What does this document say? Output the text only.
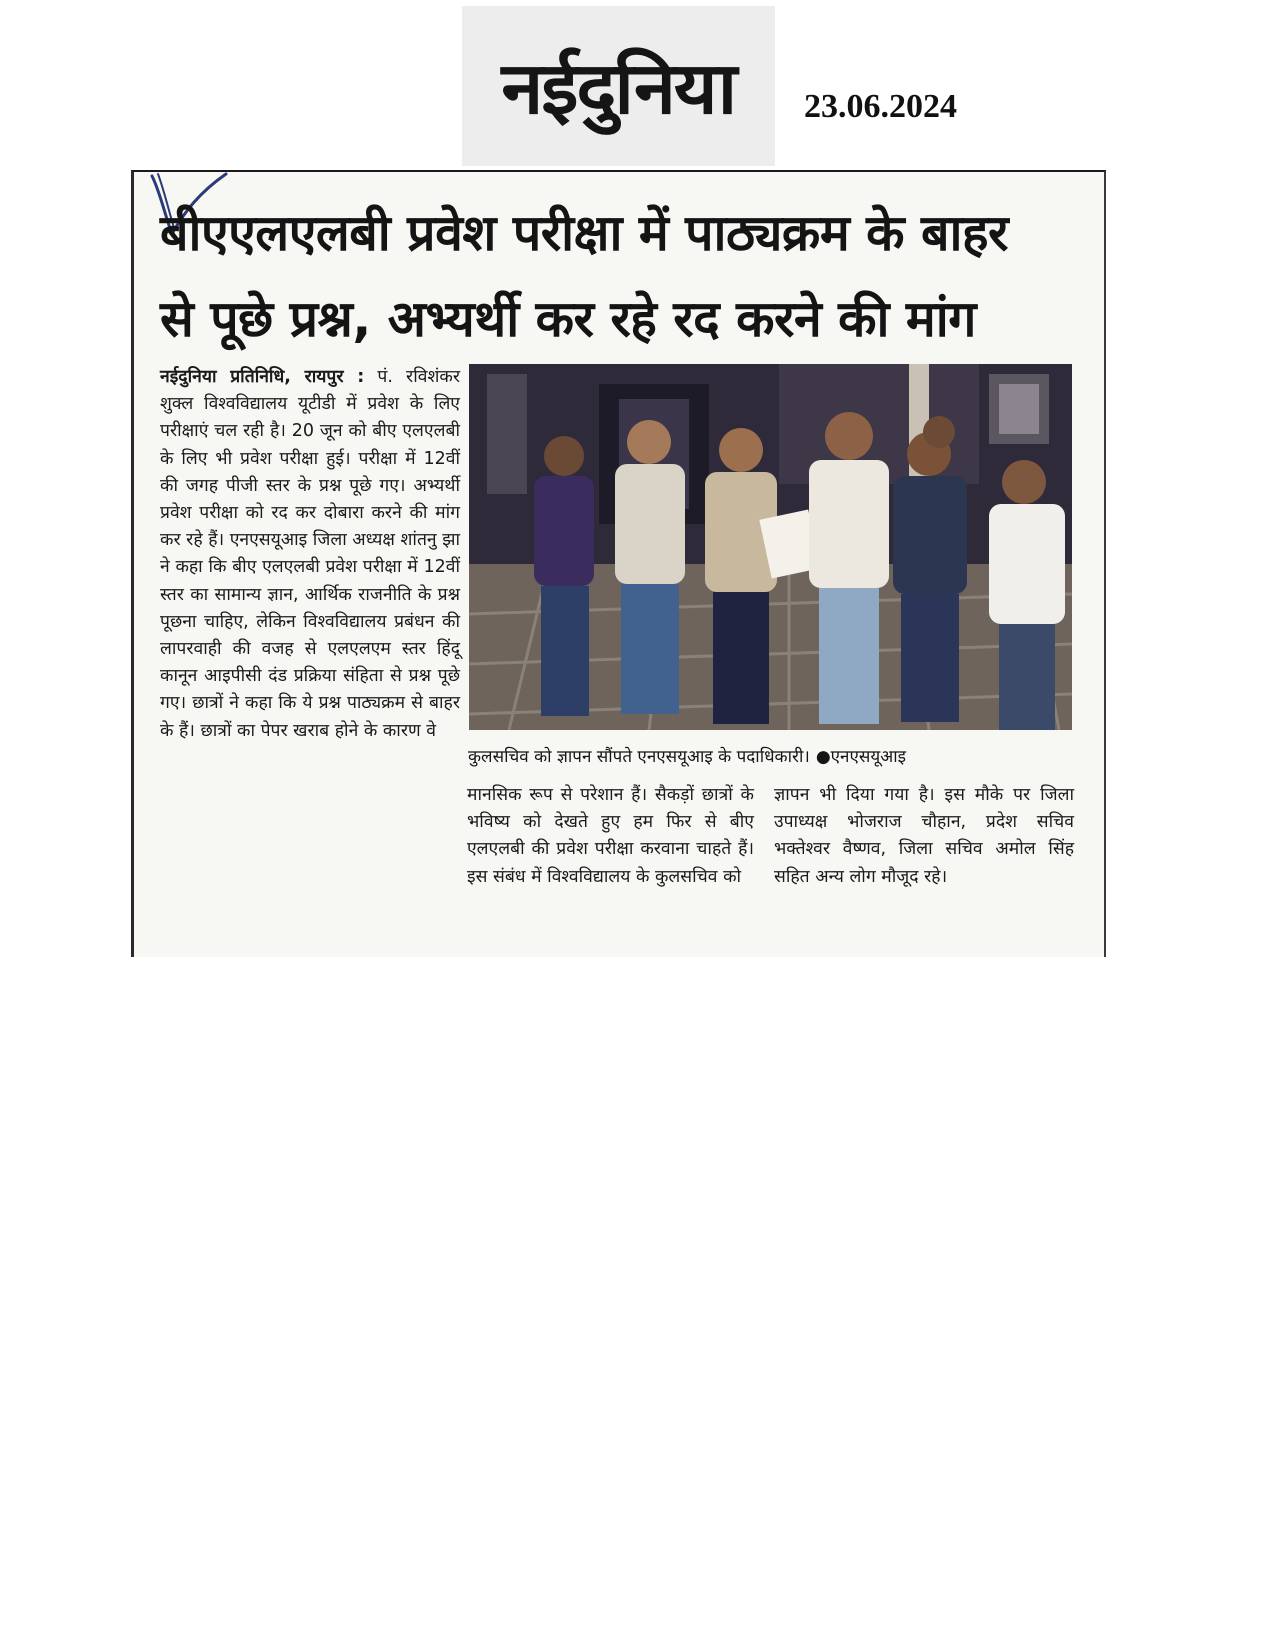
नईदुनिया 23.06.2024
बीएएलएलबी प्रवेश परीक्षा में पाठ्यक्रम के बाहर
से पूछे प्रश्न, अभ्यर्थी कर रहे रद करने की मांग

नईदुनिया प्रतिनिधि, रायपुर : पं. रविशंकर शुक्ल विश्वविद्यालय यूटीडी में प्रवेश के लिए परीक्षाएं चल रही है। 20 जून को बीए एलएलबी के लिए भी प्रवेश परीक्षा हुई। परीक्षा में 12वीं की जगह पीजी स्तर के प्रश्न पूछे गए। अभ्यर्थी प्रवेश परीक्षा को रद कर दोबारा करने की मांग कर रहे हैं। एनएसयूआइ जिला अध्यक्ष शांतनु झा ने कहा कि बीए एलएलबी प्रवेश परीक्षा में 12वीं स्तर का सामान्य ज्ञान, आर्थिक राजनीति के प्रश्न पूछना चाहिए, लेकिन विश्वविद्यालय प्रबंधन की लापरवाही की वजह से एलएलएम स्तर हिंदू कानून आइपीसी दंड प्रक्रिया संहिता से प्रश्न पूछे गए। छात्रों ने कहा कि ये प्रश्न पाठ्यक्रम से बाहर के हैं। छात्रों का पेपर खराब होने के कारण वे

कुलसचिव को ज्ञापन सौंपते एनएसयूआइ के पदाधिकारी। ●एनएसयूआइ

मानसिक रूप से परेशान हैं। सैकड़ों छात्रों के भविष्य को देखते हुए हम फिर से बीए एलएलबी की प्रवेश परीक्षा करवाना चाहते हैं। इस संबंध में विश्वविद्यालय के कुलसचिव को

ज्ञापन भी दिया गया है। इस मौके पर जिला उपाध्यक्ष भोजराज चौहान, प्रदेश सचिव भक्तेश्वर वैष्णव, जिला सचिव अमोल सिंह सहित अन्य लोग मौजूद रहे।
